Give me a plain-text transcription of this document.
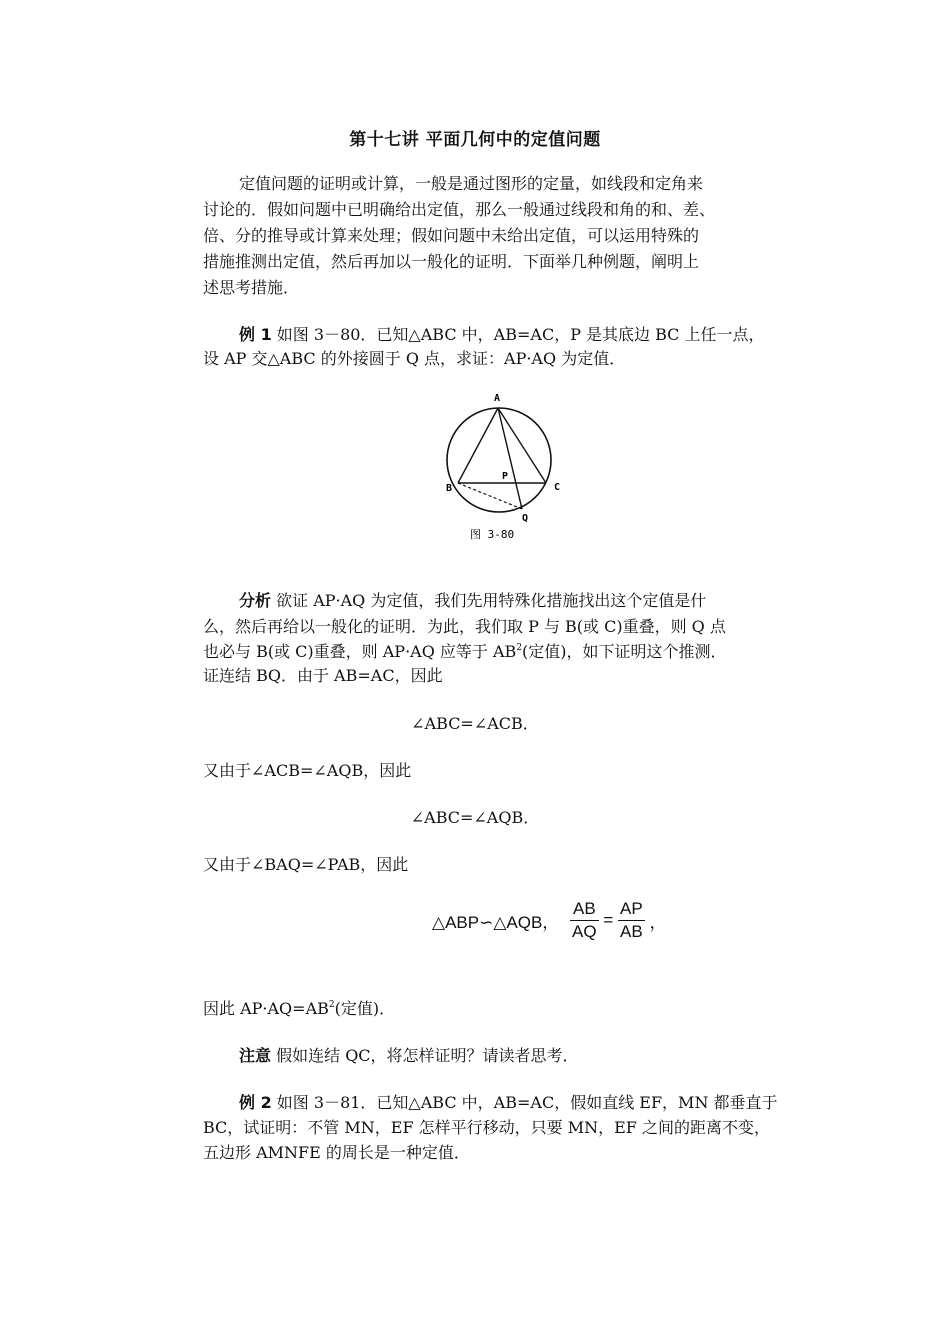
第十七讲 平面几何中的定值问题
定值问题的证明或计算，一般是通过图形的定量，如线段和定角来
讨论的．假如问题中已明确给出定值，那么一般通过线段和角的和、差、
倍、分的推导或计算来处理；假如问题中未给出定值，可以运用特殊的
措施推测出定值，然后再加以一般化的证明．下面举几种例题，阐明上
述思考措施．
例 1 如图 3－80．已知△ABC 中，AB=AC，P 是其底边 BC 上任一点，
设 AP 交△ABC 的外接圆于 Q 点，求证：AP·AQ 为定值．
A
B	C
P
Q
图 3-80
分析 欲证 AP·AQ 为定值，我们先用特殊化措施找出这个定值是什
么，然后再给以一般化的证明．为此，我们取 P 与 B(或 C)重叠，则 Q 点
也必与 B(或 C)重叠，则 AP·AQ 应等于 $AB^2$(定值)，如下证明这个推测．
证连结 BQ．由于 AB=AC，因此
∠ABC=∠ACB．
又由于∠ACB=∠AQB，因此
∠ABC=∠AQB．
又由于∠BAQ=∠PAB，因此
△ABP∽△AQB， $\frac{AB}{AQ} = \frac{AP}{AB}$ ，
因此 $AP\cdot AQ=AB^2$(定值)．
注意 假如连结 QC，将怎样证明？请读者思考．
例 2 如图 3－81．已知△ABC 中，AB=AC，假如直线 EF，MN 都垂直于
BC，试证明：不管 MN，EF 怎样平行移动，只要 MN，EF 之间的距离不变，
五边形 AMNFE 的周长是一种定值．
